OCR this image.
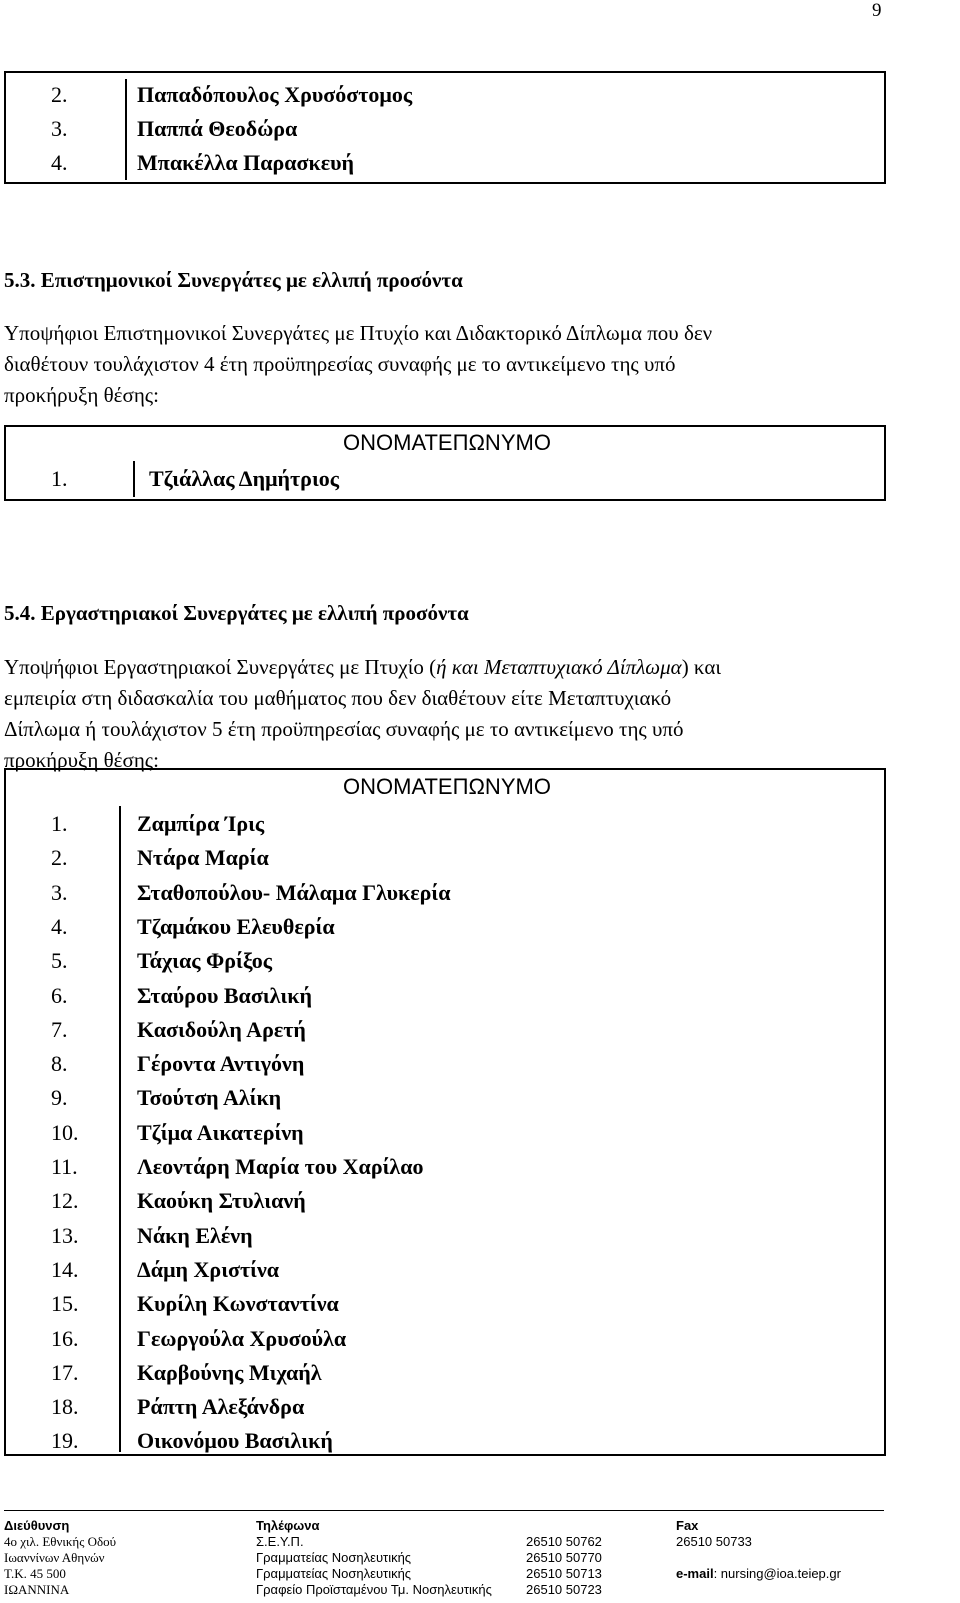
9
2.	Παπαδόπουλος Χρυσόστομος
3.	Παππά Θεοδώρα
4.	Μπακέλλα Παρασκευή
5.3. Επιστημονικοί Συνεργάτες με ελλιπή προσόντα

Υποψήφιοι Επιστημονικοί Συνεργάτες με Πτυχίο και Διδακτορικό Δίπλωμα που δεν

διαθέτουν τουλάχιστον 4 έτη προϋπηρεσίας συναφής με το αντικείμενο της υπό

προκήρυξη θέσης:

ΟΝΟΜΑΤΕΠΩΝΥΜΟ
1.	Τζιάλλας Δημήτριος
5.4. Εργαστηριακοί Συνεργάτες με ελλιπή προσόντα

Υποψήφιοι Εργαστηριακοί Συνεργάτες με Πτυχίο (ή και Μεταπτυχιακό Δίπλωμα) και

εμπειρία στη διδασκαλία του μαθήματος που δεν διαθέτουν είτε Μεταπτυχιακό

Δίπλωμα ή τουλάχιστον 5 έτη προϋπηρεσίας συναφής με το αντικείμενο της υπό

προκήρυξη θέσης:

ΟΝΟΜΑΤΕΠΩΝΥΜΟ
1.	Ζαμπίρα Ίρις
2.	Ντάρα Μαρία
3.	Σταθοπούλου- Μάλαμα Γλυκερία
4.	Τζαμάκου Ελευθερία
5.	Τάχιας Φρίξος
6.	Σταύρου Βασιλική
7.	Κασιδούλη Αρετή
8.	Γέροντα Αντιγόνη
9.	Τσούτση Αλίκη
10.	Τζίμα Αικατερίνη
11.	Λεοντάρη Μαρία του Χαρίλαο
12.	Καούκη Στυλιανή
13.	Νάκη Ελένη
14.	Δάμη Χριστίνα
15.	Κυρίλη Κωνσταντίνα
16.	Γεωργούλα Χρυσούλα
17.	Καρβούνης Μιχαήλ
18.	Ράπτη Αλεξάνδρα
19.	Οικονόμου Βασιλική
Διεύθυνση	Τηλέφωνα	Fax
4ο χιλ. Εθνικής Οδού
Ιωαννίνων Αθηνών
Τ.Κ. 45 500
ΙΩΑΝΝΙΝΑ
Σ.Ε.Υ.Π.
Γραμματείας Νοσηλευτικής
Γραμματείας Νοσηλευτικής
Γραφείο Προϊσταμένου Τμ. Νοσηλευτικής
26510 50762
26510 50770
26510 50713
26510 50723
26510 50733
e-mail: nursing@ioa.teiep.gr
